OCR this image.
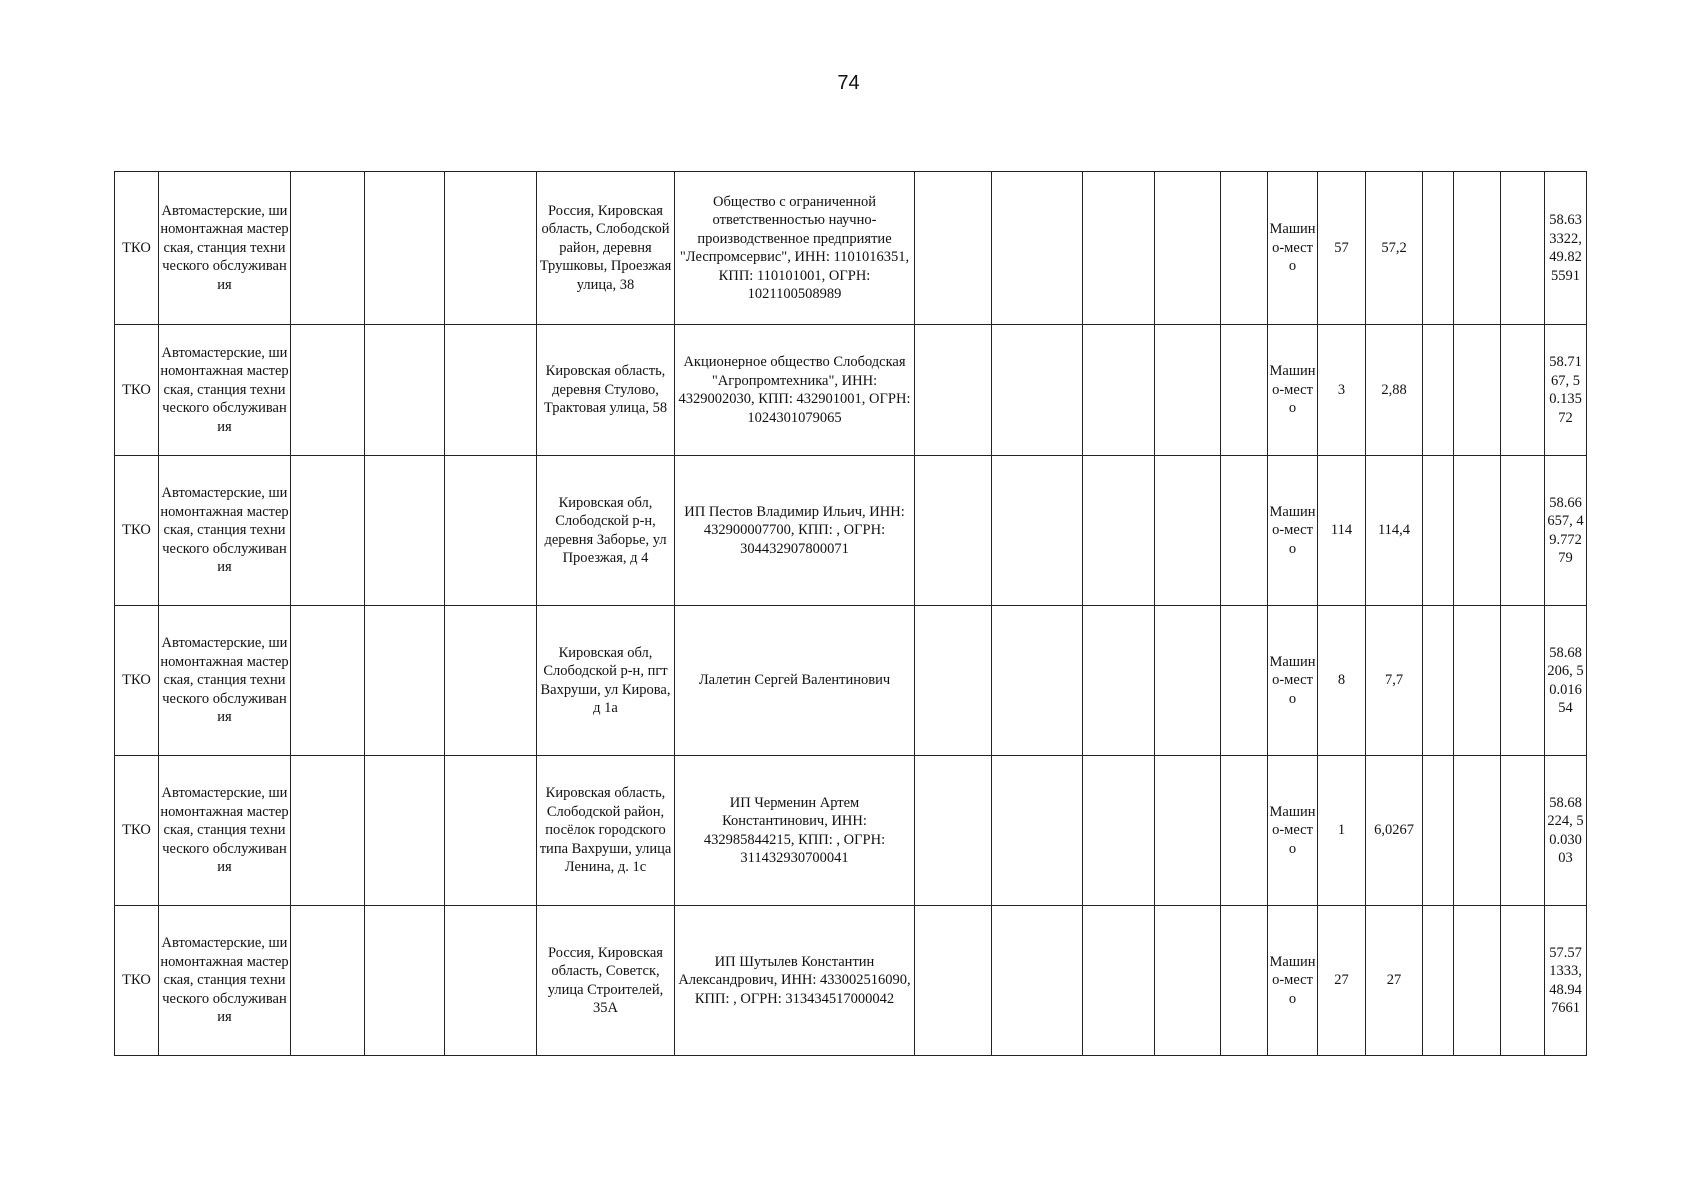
74
ТКО	Автомастерские, шиномонтажная мастерская, станция технического обслуживания				Россия, Кировская область, Слободской район, деревня Трушковы, Проезжая улица, 38	Общество с ограниченной ответственностью научно-производственное предприятие "Леспромсервис", ИНН: 1101016351, КПП: 110101001, ОГРН: 1021100508989						Машино-место	57	57,2				58.633322, 49.825591
ТКО	Автомастерские, шиномонтажная мастерская, станция технического обслуживания				Кировская область, деревня Стулово, Трактовая улица, 58	Акционерное общество Слободская "Агропромтехника", ИНН: 4329002030, КПП: 432901001, ОГРН: 1024301079065						Машино-место	3	2,88				58.7167, 50.13572
ТКО	Автомастерские, шиномонтажная мастерская, станция технического обслуживания				Кировская обл, Слободской р-н, деревня Заборье, ул Проезжая, д 4	ИП Пестов Владимир Ильич, ИНН: 432900007700, КПП: , ОГРН: 304432907800071						Машино-место	114	114,4				58.66657, 49.77279
ТКО	Автомастерские, шиномонтажная мастерская, станция технического обслуживания				Кировская обл, Слободской р-н, пгт Вахруши, ул Кирова, д 1а	Лалетин Сергей Валентинович						Машино-место	8	7,7				58.68206, 50.01654
ТКО	Автомастерские, шиномонтажная мастерская, станция технического обслуживания				Кировская область, Слободской район, посёлок городского типа Вахруши, улица Ленина, д. 1с	ИП Черменин Артем Константинович, ИНН: 432985844215, КПП: , ОГРН: 311432930700041						Машино-место	1	6,0267				58.68224, 50.03003
ТКО	Автомастерские, шиномонтажная мастерская, станция технического обслуживания				Россия, Кировская область, Советск, улица Строителей, 35А	ИП Шутылев Константин Александрович, ИНН: 433002516090, КПП: , ОГРН: 313434517000042						Машино-место	27	27				57.571333, 48.947661
